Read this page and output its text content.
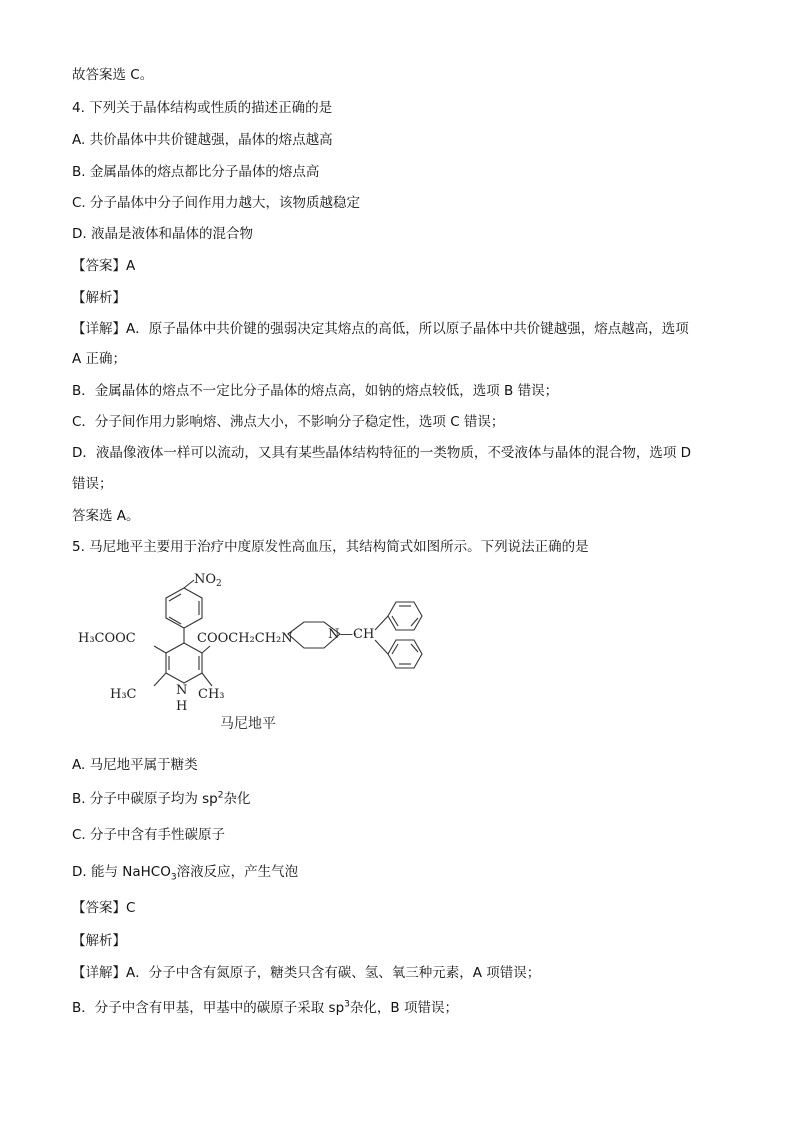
故答案选 C。
4. 下列关于晶体结构或性质的描述正确的是
A. 共价晶体中共价键越强，晶体的熔点越高
B. 金属晶体的熔点都比分子晶体的熔点高
C. 分子晶体中分子间作用力越大，该物质越稳定
D. 液晶是液体和晶体的混合物
【答案】A
【解析】
【详解】A．原子晶体中共价键的强弱决定其熔点的高低，所以原子晶体中共价键越强，熔点越高，选项
A 正确；
B．金属晶体的熔点不一定比分子晶体的熔点高，如钠的熔点较低，选项 B 错误；
C．分子间作用力影响熔、沸点大小，不影响分子稳定性，选项 C 错误；
D．液晶像液体一样可以流动，又具有某些晶体结构特征的一类物质，不受液体与晶体的混合物，选项 D
错误；
答案选 A。
5. 马尼地平主要用于治疗中度原发性高血压，其结构简式如图所示。下列说法正确的是
$NO_2$
H₃COOC	COOCH₂CH₂N	N —CH
H₃C	N
H
CH₃
马尼地平
A. 马尼地平属于糖类
B. 分子中碳原子均为 $sp^2$杂化
C. 分子中含有手性碳原子
D. 能与 NaHCO$_3$溶液反应，产生气泡
【答案】C
【解析】
【详解】A．分子中含有氮原子，糖类只含有碳、氢、氧三种元素，A 项错误；
B．分子中含有甲基，甲基中的碳原子采取 $sp^3$杂化，B 项错误；
